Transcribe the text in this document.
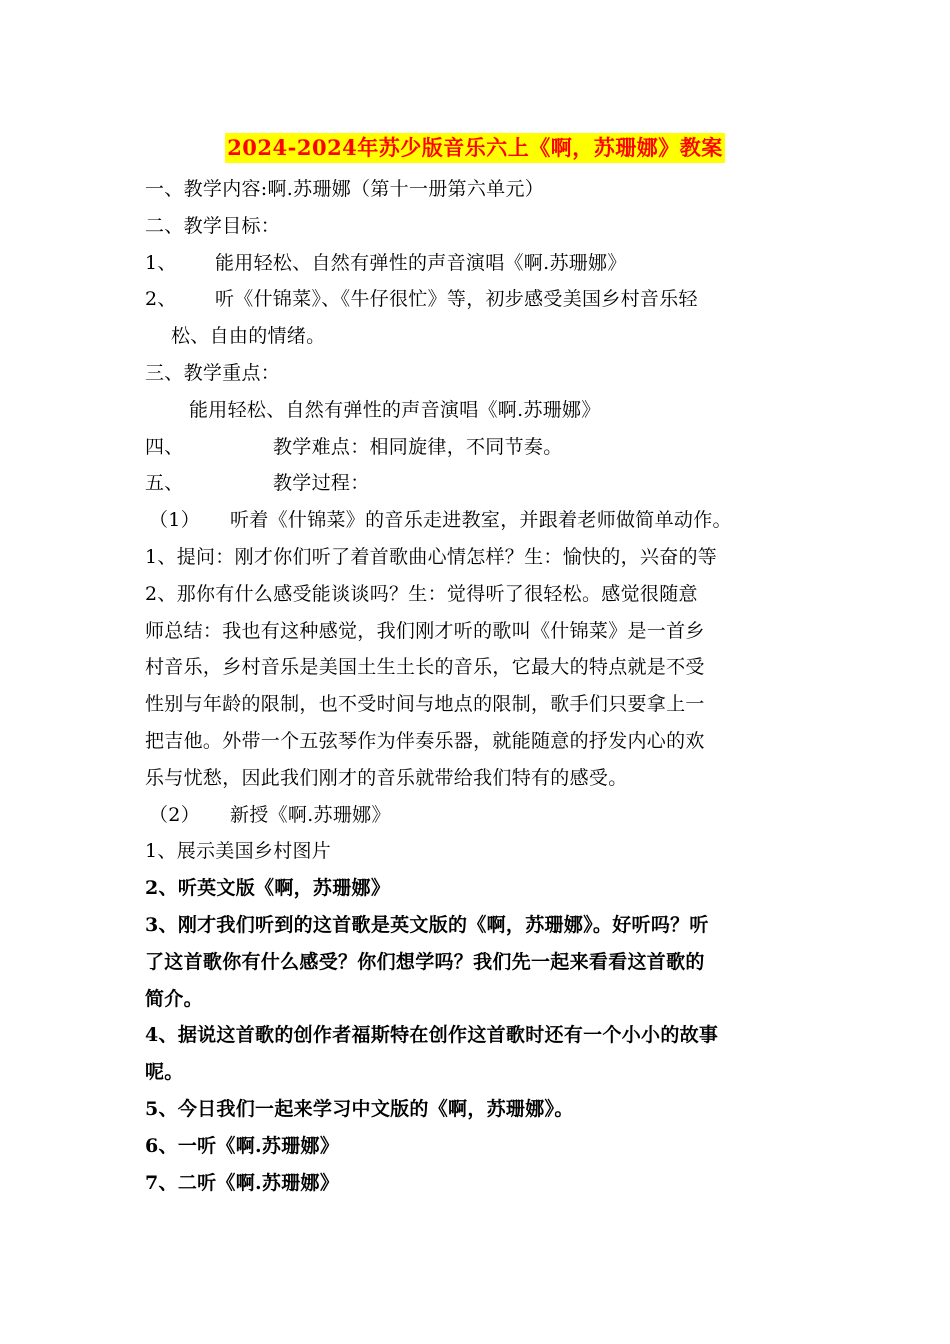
2024-2024年苏少版音乐六上《啊，苏珊娜》教案
一、教学内容:啊.苏珊娜（第十一册第六单元）
二、教学目标：
1、 能用轻松、自然有弹性的声音演唱《啊.苏珊娜》
2、 听《什锦菜》、《牛仔很忙》等，初步感受美国乡村音乐轻
松、自由的情绪。
三、教学重点：
能用轻松、自然有弹性的声音演唱《啊.苏珊娜》
四、	教学难点：相同旋律，不同节奏。
五、	教学过程：
（1） 听着《什锦菜》的音乐走进教室，并跟着老师做简单动作。
1、提问：刚才你们听了着首歌曲心情怎样？生：愉快的，兴奋的等
2、那你有什么感受能谈谈吗？生：觉得听了很轻松。感觉很随意
师总结：我也有这种感觉，我们刚才听的歌叫《什锦菜》是一首乡
村音乐，乡村音乐是美国土生土长的音乐，它最大的特点就是不受
性别与年龄的限制，也不受时间与地点的限制，歌手们只要拿上一
把吉他。外带一个五弦琴作为伴奏乐器，就能随意的抒发内心的欢
乐与忧愁，因此我们刚才的音乐就带给我们特有的感受。
（2） 新授《啊.苏珊娜》
1、展示美国乡村图片
2、听英文版《啊，苏珊娜》
3、刚才我们听到的这首歌是英文版的《啊，苏珊娜》。好听吗？听
了这首歌你有什么感受？你们想学吗？我们先一起来看看这首歌的
简介。
4、据说这首歌的创作者福斯特在创作这首歌时还有一个小小的故事
呢。
5、今日我们一起来学习中文版的《啊，苏珊娜》。
6、一听《啊.苏珊娜》
7、二听《啊.苏珊娜》
